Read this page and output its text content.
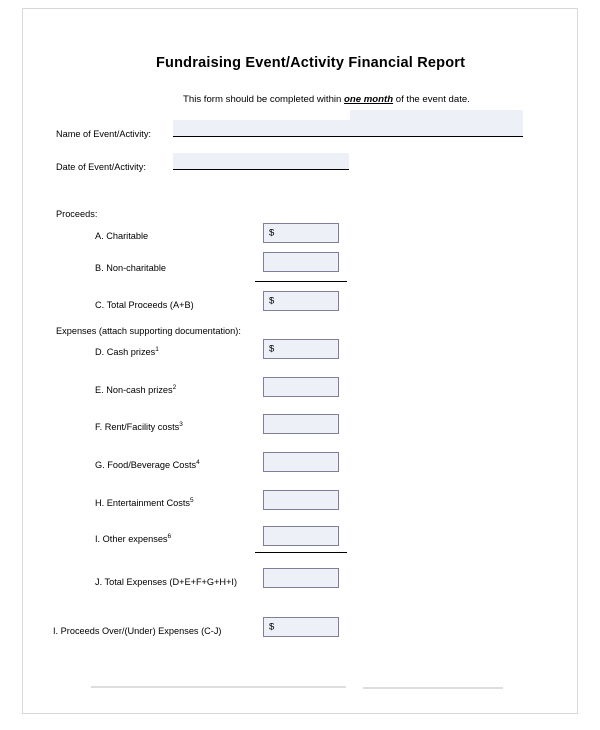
Fundraising Event/Activity Financial Report
This form should be completed within one month of the event date.
Name of Event/Activity:
Date of Event/Activity:
Proceeds:
A. Charitable	$
B. Non-charitable
C. Total Proceeds (A+B)	$
Expenses (attach supporting documentation):
D. Cash prizes$^1$	$
E. Non-cash prizes$^2$
F. Rent/Facility costs$^3$
G. Food/Beverage Costs$^4$
H. Entertainment Costs$^5$
I. Other expenses$^6$
J. Total Expenses (D+E+F+G+H+I)
I. Proceeds Over/(Under) Expenses (C-J)	$
